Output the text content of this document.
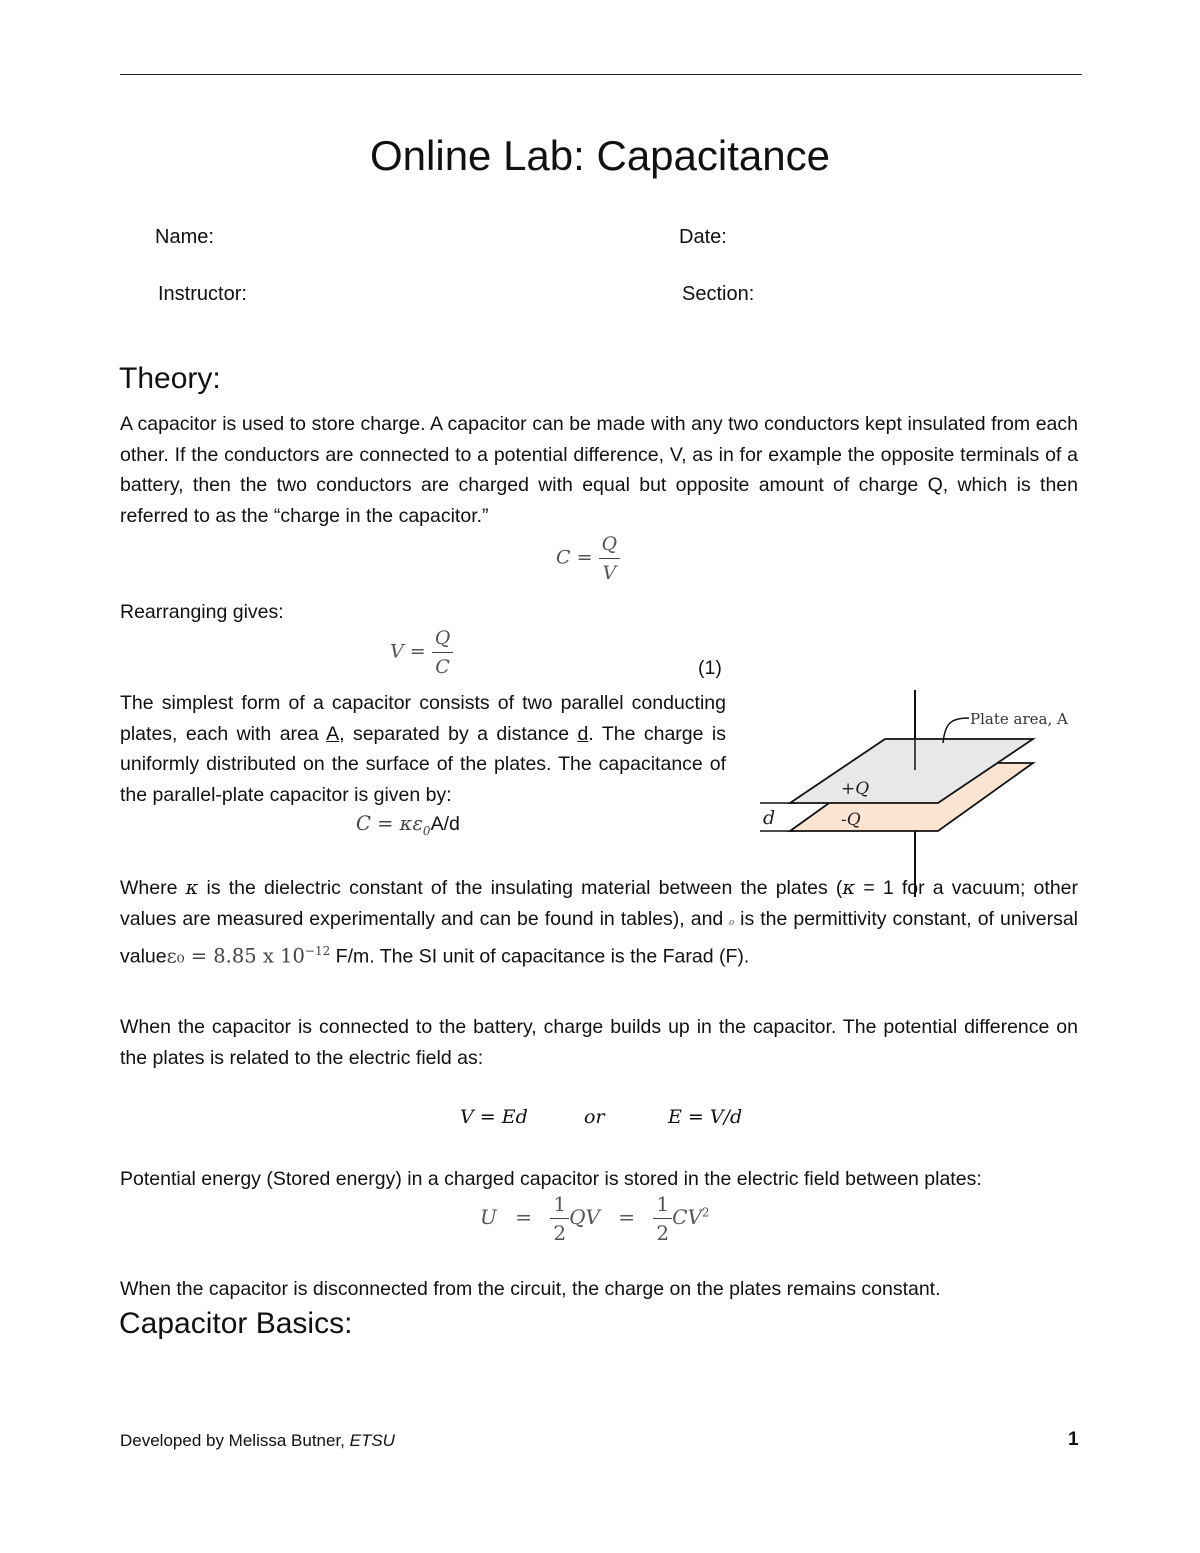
Online Lab: Capacitance
Name:	Date:
Instructor:	Section:
Theory:
A capacitor is used to store charge. A capacitor can be made with any two conductors kept insulated from each other. If the conductors are connected to a potential difference, V, as in for example the opposite terminals of a battery, then the two conductors are charged with equal but opposite amount of charge Q, which is then referred to as the “charge in the capacitor.”
$C = \frac{Q}{V}$
Rearranging gives:
$V = \frac{Q}{C}$	(1)
The simplest form of a capacitor consists of two parallel conducting plates, each with area A, separated by a distance d. The charge is uniformly distributed on the surface of the plates. The capacitance of the parallel-plate capacitor is given by:
$C = \kappa\varepsilon_0A/d$
Where κ is the dielectric constant of the insulating material between the plates (κ = 1 for a vacuum; other values are measured experimentally and can be found in tables), and ₀ is the permittivity constant, of universal valueε₀ = 8.85 x $10^{-12}$ F/m. The SI unit of capacitance is the Farad (F).
When the capacitor is connected to the battery, charge builds up in the capacitor. The potential difference on the plates is related to the electric field as:
V = Ed	or	E = V/d
Potential energy (Stored energy) in a charged capacitor is stored in the electric field between plates:
$U = \frac{1}{2}$ QV = $\frac{1}{2} CV^2$
When the capacitor is disconnected from the circuit, the charge on the plates remains constant.
Capacitor Basics:
d
+Q
-Q
Plate area, A
Developed by Melissa Butner, ETSU	1
